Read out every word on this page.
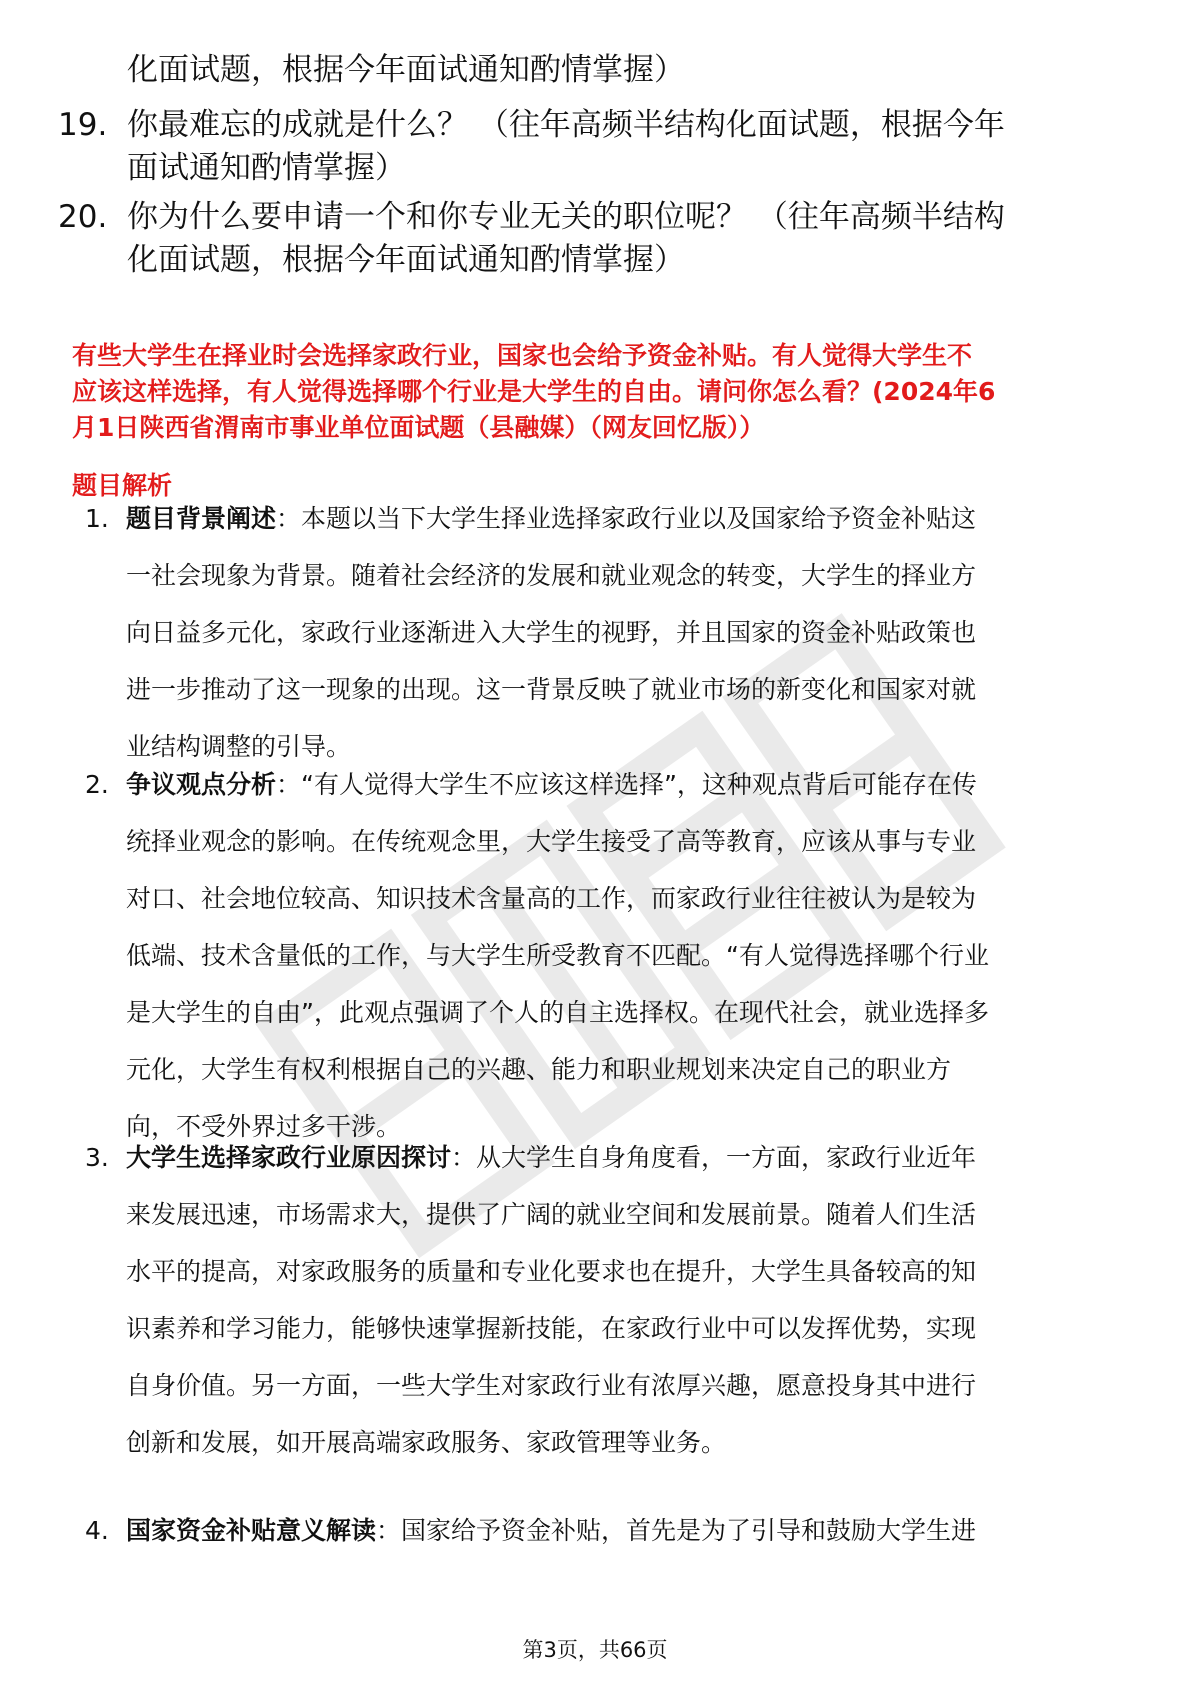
化面试题，根据今年面试通知酌情掌握）
19. 你最难忘的成就是什么？ （往年高频半结构化面试题，根据今年
面试通知酌情掌握）
20. 你为什么要申请一个和你专业无关的职位呢？ （往年高频半结构
化面试题，根据今年面试通知酌情掌握）
有些大学生在择业时会选择家政行业，国家也会给予资金补贴。有人觉得大学生不
应该这样选择，有人觉得选择哪个行业是大学生的自由。请问你怎么看？(2024年6
月1日陕西省渭南市事业单位面试题（县融媒）（网友回忆版））
题目解析
1. 题目背景阐述：本题以当下大学生择业选择家政行业以及国家给予资金补贴这
一社会现象为背景。随着社会经济的发展和就业观念的转变，大学生的择业方
向日益多元化，家政行业逐渐进入大学生的视野，并且国家的资金补贴政策也
进一步推动了这一现象的出现。这一背景反映了就业市场的新变化和国家对就
业结构调整的引导。
2. 争议观点分析：“有人觉得大学生不应该这样选择”，这种观点背后可能存在传
统择业观念的影响。在传统观念里，大学生接受了高等教育，应该从事与专业
对口、社会地位较高、知识技术含量高的工作，而家政行业往往被认为是较为
低端、技术含量低的工作，与大学生所受教育不匹配。“有人觉得选择哪个行业
是大学生的自由”，此观点强调了个人的自主选择权。在现代社会，就业选择多
元化，大学生有权利根据自己的兴趣、能力和职业规划来决定自己的职业方
向，不受外界过多干涉。
3. 大学生选择家政行业原因探讨：从大学生自身角度看，一方面，家政行业近年
来发展迅速，市场需求大，提供了广阔的就业空间和发展前景。随着人们生活
水平的提高，对家政服务的质量和专业化要求也在提升，大学生具备较高的知
识素养和学习能力，能够快速掌握新技能，在家政行业中可以发挥优势，实现
自身价值。另一方面，一些大学生对家政行业有浓厚兴趣，愿意投身其中进行
创新和发展，如开展高端家政服务、家政管理等业务。
4. 国家资金补贴意义解读：国家给予资金补贴，首先是为了引导和鼓励大学生进
第3页，共66页
